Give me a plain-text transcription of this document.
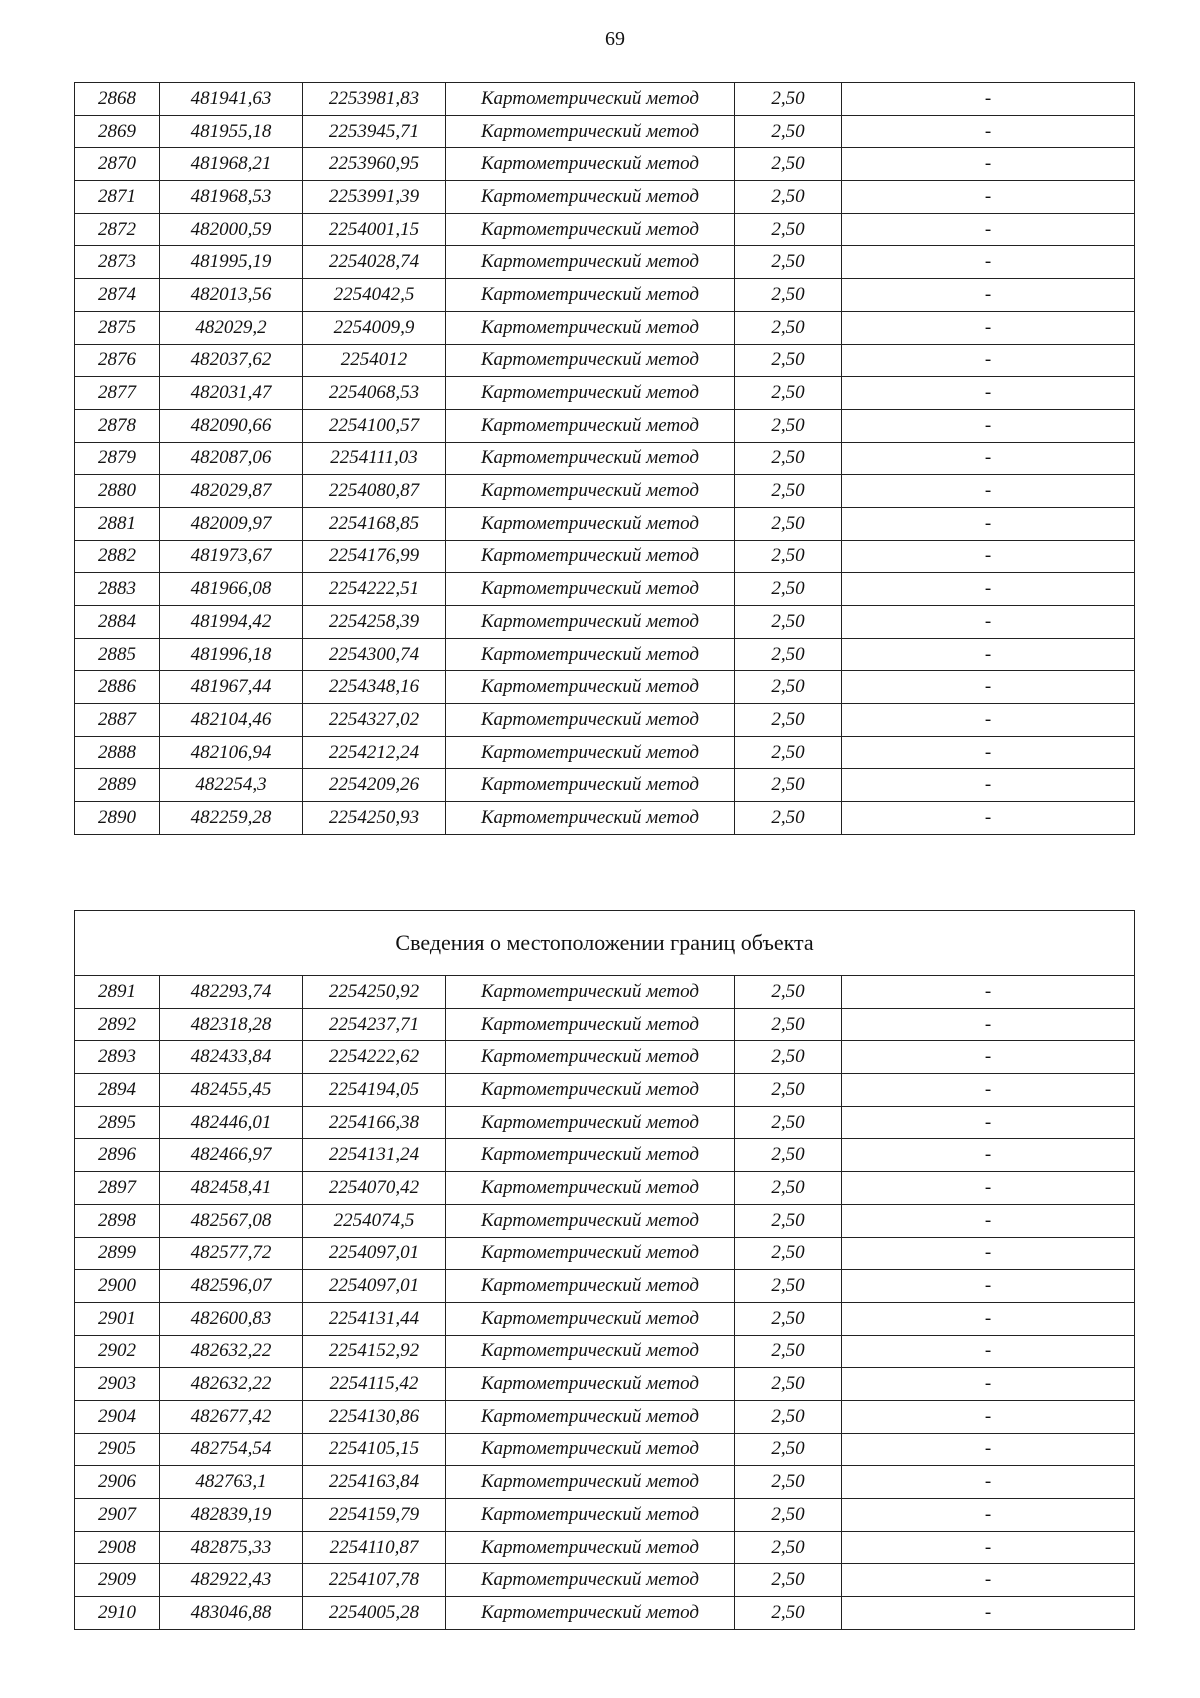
69
2868	481941,63	2253981,83	Картометрический метод	2,50	-
2869	481955,18	2253945,71	Картометрический метод	2,50	-
2870	481968,21	2253960,95	Картометрический метод	2,50	-
2871	481968,53	2253991,39	Картометрический метод	2,50	-
2872	482000,59	2254001,15	Картометрический метод	2,50	-
2873	481995,19	2254028,74	Картометрический метод	2,50	-
2874	482013,56	2254042,5	Картометрический метод	2,50	-
2875	482029,2	2254009,9	Картометрический метод	2,50	-
2876	482037,62	2254012	Картометрический метод	2,50	-
2877	482031,47	2254068,53	Картометрический метод	2,50	-
2878	482090,66	2254100,57	Картометрический метод	2,50	-
2879	482087,06	2254111,03	Картометрический метод	2,50	-
2880	482029,87	2254080,87	Картометрический метод	2,50	-
2881	482009,97	2254168,85	Картометрический метод	2,50	-
2882	481973,67	2254176,99	Картометрический метод	2,50	-
2883	481966,08	2254222,51	Картометрический метод	2,50	-
2884	481994,42	2254258,39	Картометрический метод	2,50	-
2885	481996,18	2254300,74	Картометрический метод	2,50	-
2886	481967,44	2254348,16	Картометрический метод	2,50	-
2887	482104,46	2254327,02	Картометрический метод	2,50	-
2888	482106,94	2254212,24	Картометрический метод	2,50	-
2889	482254,3	2254209,26	Картометрический метод	2,50	-
2890	482259,28	2254250,93	Картометрический метод	2,50	-
Сведения о местоположении границ объекта					
2891	482293,74	2254250,92	Картометрический метод	2,50	-
2892	482318,28	2254237,71	Картометрический метод	2,50	-
2893	482433,84	2254222,62	Картометрический метод	2,50	-
2894	482455,45	2254194,05	Картометрический метод	2,50	-
2895	482446,01	2254166,38	Картометрический метод	2,50	-
2896	482466,97	2254131,24	Картометрический метод	2,50	-
2897	482458,41	2254070,42	Картометрический метод	2,50	-
2898	482567,08	2254074,5	Картометрический метод	2,50	-
2899	482577,72	2254097,01	Картометрический метод	2,50	-
2900	482596,07	2254097,01	Картометрический метод	2,50	-
2901	482600,83	2254131,44	Картометрический метод	2,50	-
2902	482632,22	2254152,92	Картометрический метод	2,50	-
2903	482632,22	2254115,42	Картометрический метод	2,50	-
2904	482677,42	2254130,86	Картометрический метод	2,50	-
2905	482754,54	2254105,15	Картометрический метод	2,50	-
2906	482763,1	2254163,84	Картометрический метод	2,50	-
2907	482839,19	2254159,79	Картометрический метод	2,50	-
2908	482875,33	2254110,87	Картометрический метод	2,50	-
2909	482922,43	2254107,78	Картометрический метод	2,50	-
2910	483046,88	2254005,28	Картометрический метод	2,50	-
